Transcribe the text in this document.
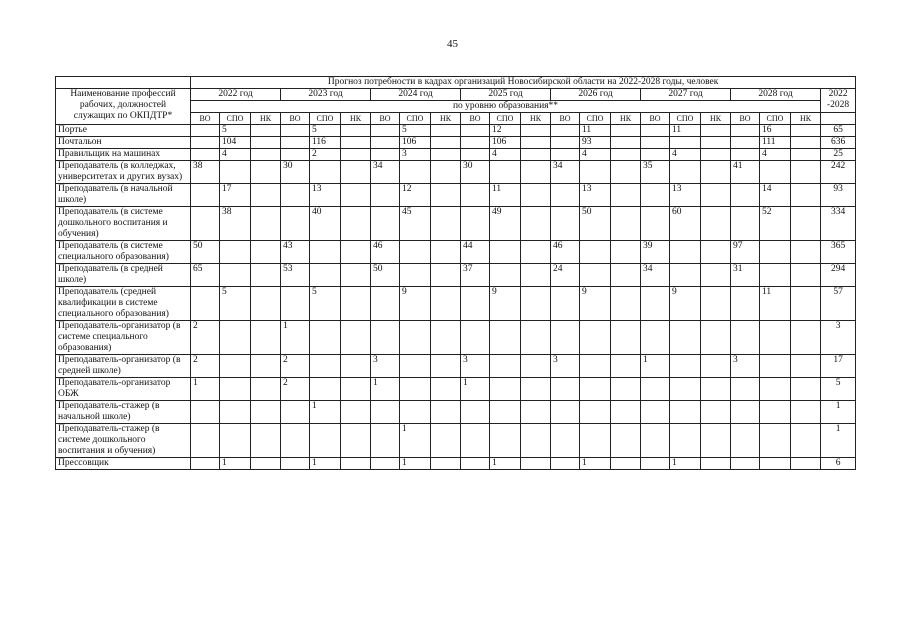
45
	Прогноз потребности в кадрах организаций Новосибирской области на 2022-2028 годы, человек																					
Наименование профессий рабочих, должностей служащих по ОКПДТР*	2022 год			2023 год			2024 год			2025 год			2026 год			2027 год			2028 год			2022 -2028
	по уровню образования**																					
	ВО	СПО	НК	ВО	СПО	НК	ВО	СПО	НК	ВО	СПО	НК	ВО	СПО	НК	ВО	СПО	НК	ВО	СПО	НК	
Портье		5			5			5			12			11			11			16		65
Почтальон		104			116			106			106			93						111		636
Правильщик на машинах		4			2			3			4			4			4			4		25
Преподаватель (в колледжах, университетах и других вузах)	38			30			34			30			34			35			41			242
Преподаватель (в начальной школе)		17			13			12			11			13			13			14		93
Преподаватель (в системе дошкольного воспитания и обучения)		38			40			45			49			50			60			52		334
Преподаватель (в системе специального образования)	50			43			46			44			46			39			97			365
Преподаватель (в средней школе)	65			53			50			37			24			34			31			294
Преподаватель (средней квалификации в системе специального образования)		5			5			9			9			9			9			11		57
Преподаватель-организатор (в системе специального образования)	2			1																		3
Преподаватель-организатор (в средней школе)	2			2			3			3			3			1			3			17
Преподаватель-организатор ОБЖ	1			2			1			1												5
Преподаватель-стажер (в начальной школе)					1																	1
Преподаватель-стажер (в системе дошкольного воспитания и обучения)								1														1
Прессовщик		1			1			1			1			1			1					6
